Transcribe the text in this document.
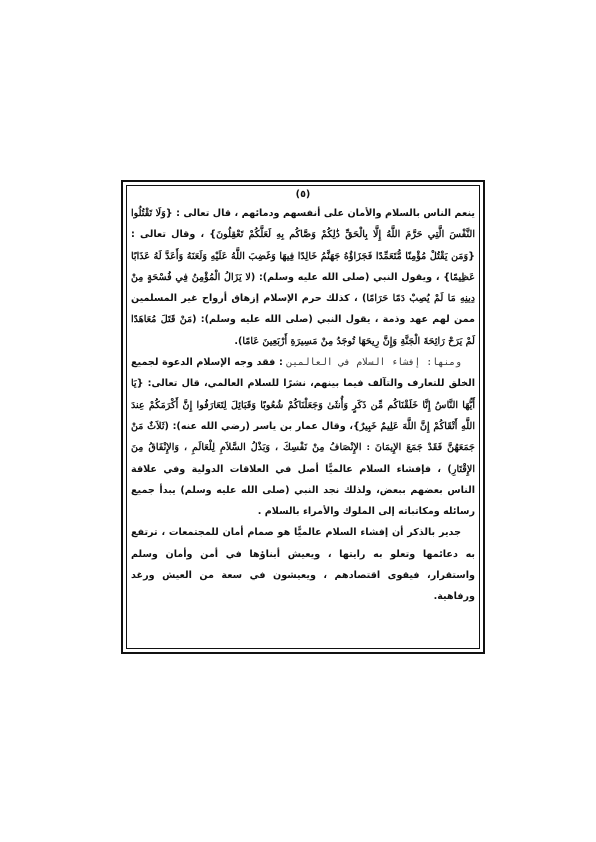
(٥)

ينعم الناس بالسلام والأمان على أنفسهم ودمائهم ، قال تعالى : {وَلَا تَقْتُلُوا النَّفْسَ الَّتِي حَرَّمَ اللَّهُ إِلَّا بِالْحَقِّ ذَٰلِكُمْ وَصَّاكُم بِهِ لَعَلَّكُمْ تَعْقِلُونَ} ، وقال تعالى : {وَمَن يَقْتُلْ مُؤْمِنًا مُّتَعَمِّدًا فَجَزَاؤُهُ جَهَنَّمُ خَالِدًا فِيهَا وَغَضِبَ اللَّهُ عَلَيْهِ وَلَعَنَهُ وَأَعَدَّ لَهُ عَذَابًا عَظِيمًا} ، ويقول النبي (صلى الله عليه وسلم): (لا يَزَالُ الْمُؤْمِنُ فِي فُسْحَةٍ مِنْ دِينِهِ مَا لَمْ يُصِبْ دَمًا حَرَامًا) ، كذلك حرم الإسلام إزهاق أرواح غير المسلمين ممن لهم عهد وذمة ، يقول النبي (صلى الله عليه وسلم): (مَنْ قَتَلَ مُعَاهَدًا لَمْ يَرَحْ رَائِحَةَ الْجَنَّةِ وَإِنَّ رِيحَهَا تُوجَدُ مِنْ مَسِيرَةِ أَرْبَعِينَ عَامًا).

ومنها: إفشاء السلام في العالمين : فقد وجه الإسلام الدعوة لجميع الخلق للتعارف والتآلف فيما بينهم، نشرًا للسلام العالمي، قال تعالى: {يَا أَيُّهَا النَّاسُ إِنَّا خَلَقْنَاكُم مِّن ذَكَرٍ وَأُنثَىٰ وَجَعَلْنَاكُمْ شُعُوبًا وَقَبَائِلَ لِتَعَارَفُوا إِنَّ أَكْرَمَكُمْ عِندَ اللَّهِ أَتْقَاكُمْ إِنَّ اللَّهَ عَلِيمٌ خَبِيرٌ}، وقال عمار بن ياسر (رضي الله عنه): (ثَلاَثٌ مَنْ جَمَعَهُنَّ فَقَدْ جَمَعَ الإِيمَانَ : الإِنْصَافُ مِنْ نَفْسِكَ ، وَبَذْلُ السَّلاَمِ لِلْعَالَمِ ، وَالإِنْفَاقُ مِنَ الإِقْتَارِ) ، فإفشاء السلام عالميًّا أصل في العلاقات الدولية وفي علاقة الناس بعضهم ببعض، ولذلك نجد النبي (صلى الله عليه وسلم) يبدأ جميع رسائله ومكاتباته إلى الملوك والأمراء بالسلام .

جدير بالذكر أن إفشاء السلام عالميًّا هو صمام أمان للمجتمعات ، ترتفع به دعائمها وتعلو به رايتها ، ويعيش أبناؤها في أمن وأمان وسلم واستقرار، فيقوى اقتصادهم ، ويعيشون في سعة من العيش ورغد ورفاهية.
